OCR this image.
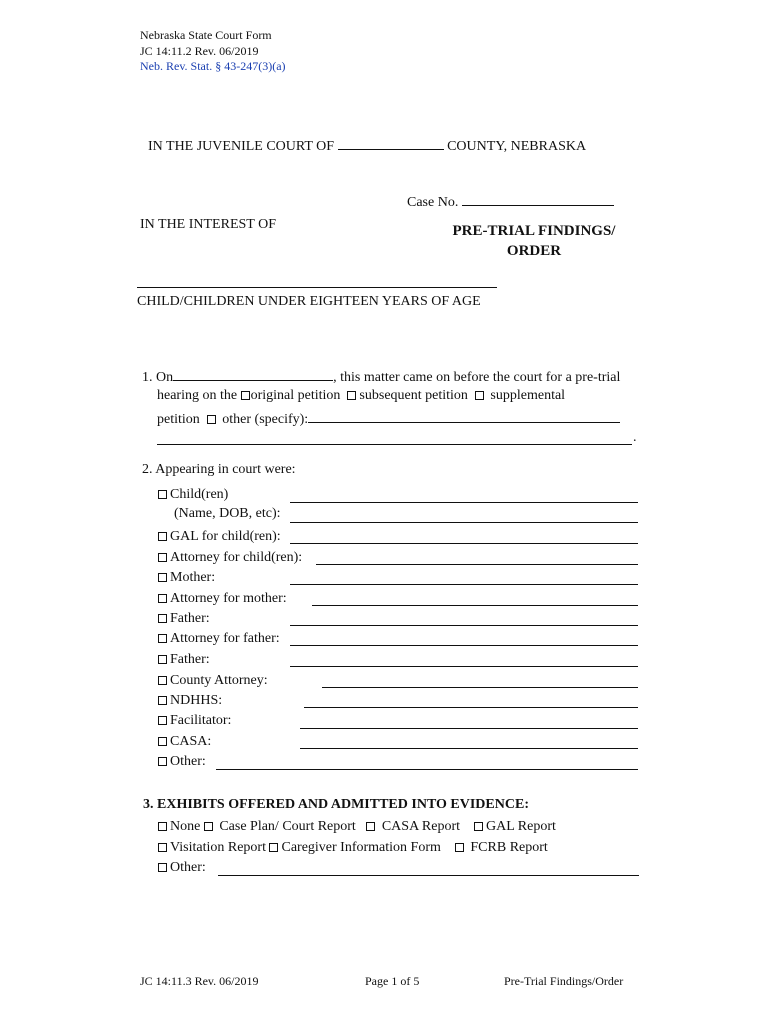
Nebraska State Court Form
JC 14:11.2 Rev. 06/2019
Neb. Rev. Stat. § 43-247(3)(a)
IN THE JUVENILE COURT OF	COUNTY, NEBRASKA
Case No.
IN THE INTEREST OF	PRE-TRIAL FINDINGS/
ORDER
CHILD/CHILDREN UNDER EIGHTEEN YEARS OF AGE
1. On	, this matter came on before the court for a pre-trial
hearing on the original petition subsequent petition supplemental
petition other (specify):
.
2. Appearing in court were:
Child(ren)
(Name, DOB, etc):
GAL for child(ren):
Attorney for child(ren):
Mother:
Attorney for mother:
Father:
Attorney for father:
Father:
County Attorney:
NDHHS:
Facilitator:
CASA:
Other:
3. EXHIBITS OFFERED AND ADMITTED INTO EVIDENCE:
None Case Plan/ Court Report CASA Report GAL Report
Visitation Report Caregiver Information Form FCRB Report
Other:
JC 14:11.3 Rev. 06/2019	Page 1 of 5	Pre-Trial Findings/Order
